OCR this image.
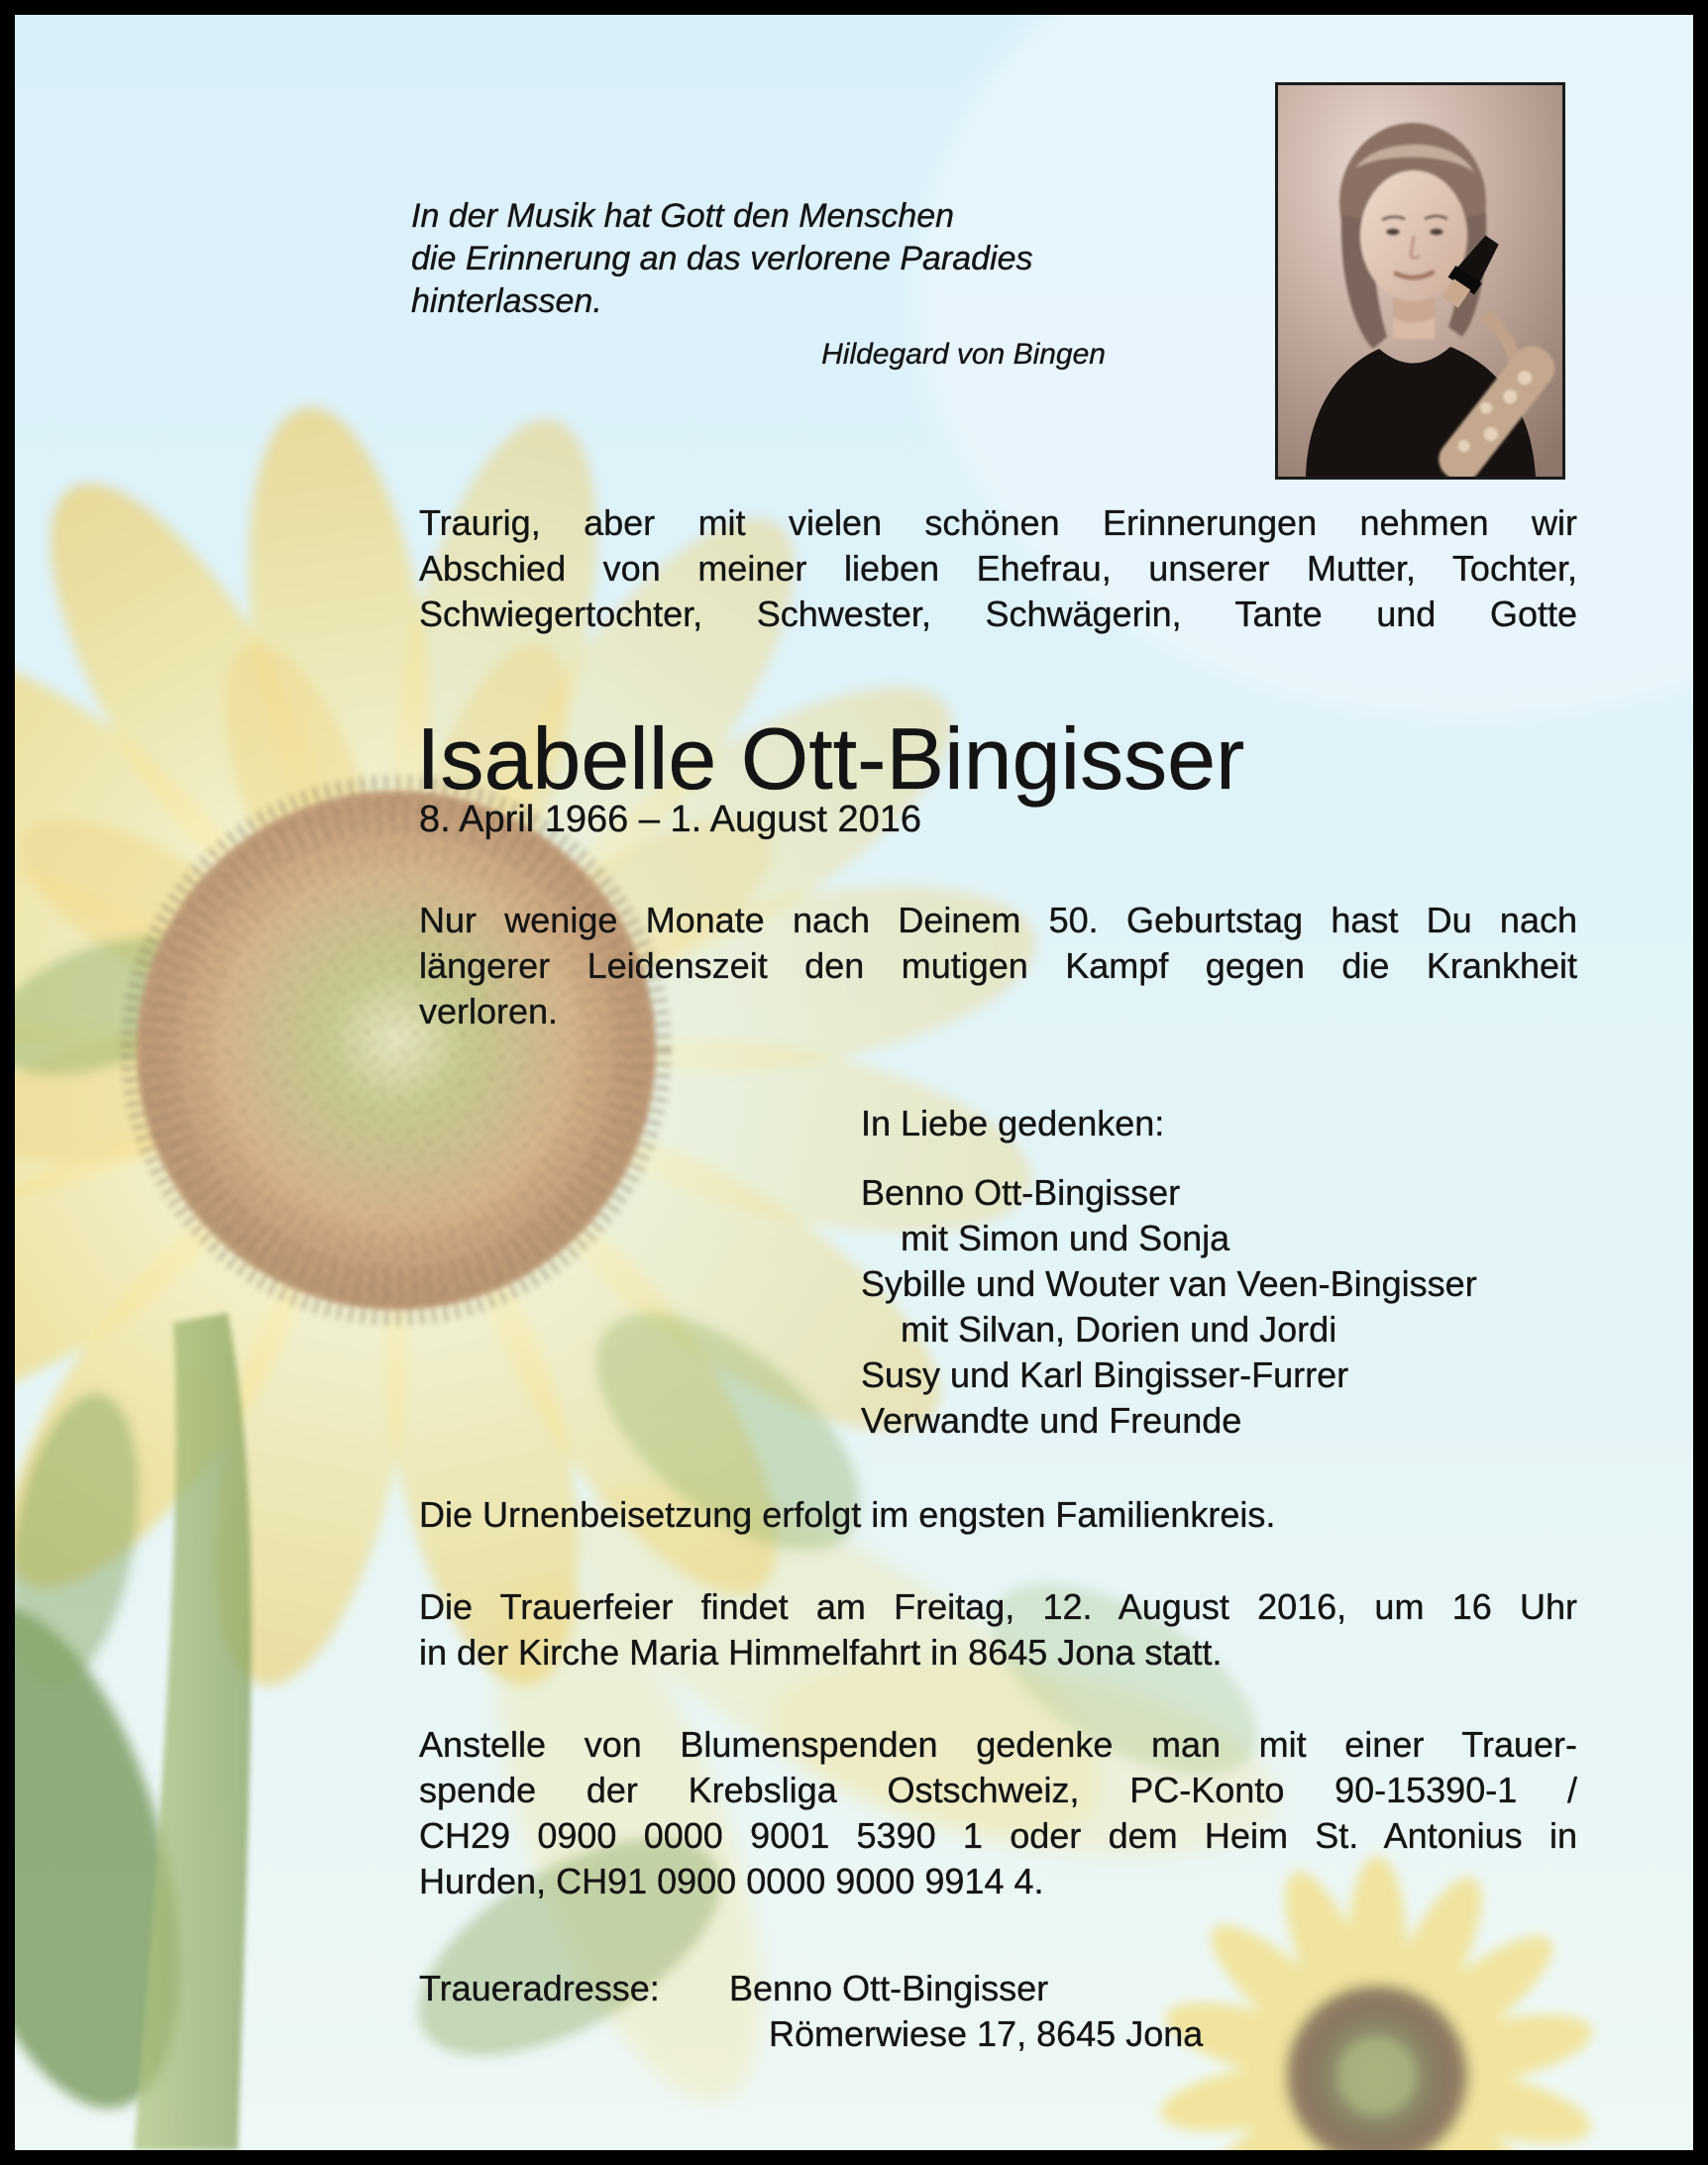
In der Musik hat Gott den Menschen
die Erinnerung an das verlorene Paradies
hinterlassen.
Hildegard von Bingen
Traurig, aber mit vielen schönen Erinnerungen nehmen wir
Abschied von meiner lieben Ehefrau, unserer Mutter, Tochter,
Schwiegertochter, Schwester, Schwägerin, Tante und Gotte
Isabelle Ott-Bingisser
8. April 1966 – 1. August 2016
Nur wenige Monate nach Deinem 50. Geburtstag hast Du nach
längerer Leidenszeit den mutigen Kampf gegen die Krankheit
verloren.
In Liebe gedenken:
Benno Ott-Bingisser
mit Simon und Sonja
Sybille und Wouter van Veen-Bingisser
mit Silvan, Dorien und Jordi
Susy und Karl Bingisser-Furrer
Verwandte und Freunde
Die Urnenbeisetzung erfolgt im engsten Familienkreis.
Die Trauerfeier findet am Freitag, 12. August 2016, um 16 Uhr
in der Kirche Maria Himmelfahrt in 8645 Jona statt.
Anstelle von Blumenspenden gedenke man mit einer Trauer-
spende der Krebsliga Ostschweiz, PC-Konto 90-15390-1 /
CH29 0900 0000 9001 5390 1 oder dem Heim St. Antonius in
Hurden, CH91 0900 0000 9000 9914 4.
Traueradresse: Benno Ott-Bingisser
Römerwiese 17, 8645 Jona
